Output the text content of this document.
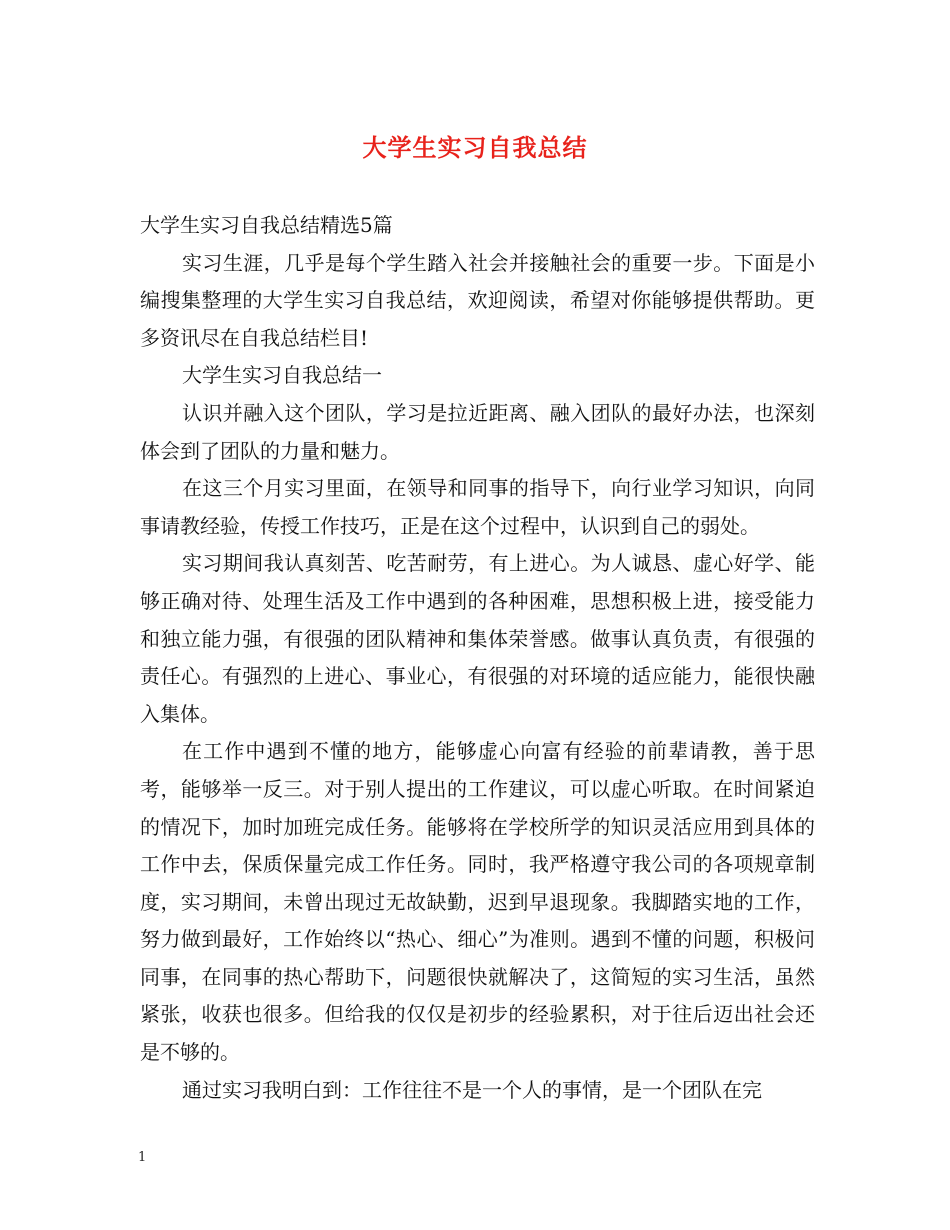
大学生实习自我总结

大学生实习自我总结精选5篇

实习生涯，几乎是每个学生踏入社会并接触社会的重要一步。下面是小编搜集整理的大学生实习自我总结，欢迎阅读，希望对你能够提供帮助。更多资讯尽在自我总结栏目!

大学生实习自我总结一

认识并融入这个团队，学习是拉近距离、融入团队的最好办法，也深刻体会到了团队的力量和魅力。

在这三个月实习里面，在领导和同事的指导下，向行业学习知识，向同事请教经验，传授工作技巧，正是在这个过程中，认识到自己的弱处。

实习期间我认真刻苦、吃苦耐劳，有上进心。为人诚恳、虚心好学、能够正确对待、处理生活及工作中遇到的各种困难，思想积极上进，接受能力和独立能力强，有很强的团队精神和集体荣誉感。做事认真负责，有很强的责任心。有强烈的上进心、事业心，有很强的对环境的适应能力，能很快融入集体。

在工作中遇到不懂的地方，能够虚心向富有经验的前辈请教，善于思考，能够举一反三。对于别人提出的工作建议，可以虚心听取。在时间紧迫的情况下，加时加班完成任务。能够将在学校所学的知识灵活应用到具体的工作中去，保质保量完成工作任务。同时，我严格遵守我公司的各项规章制度，实习期间，未曾出现过无故缺勤，迟到早退现象。我脚踏实地的工作，努力做到最好，工作始终以“热心、细心”为准则。遇到不懂的问题，积极问同事，在同事的热心帮助下，问题很快就解决了，这简短的实习生活，虽然紧张，收获也很多。但给我的仅仅是初步的经验累积，对于往后迈出社会还是不够的。

通过实习我明白到：工作往往不是一个人的事情，是一个团队在完

1
